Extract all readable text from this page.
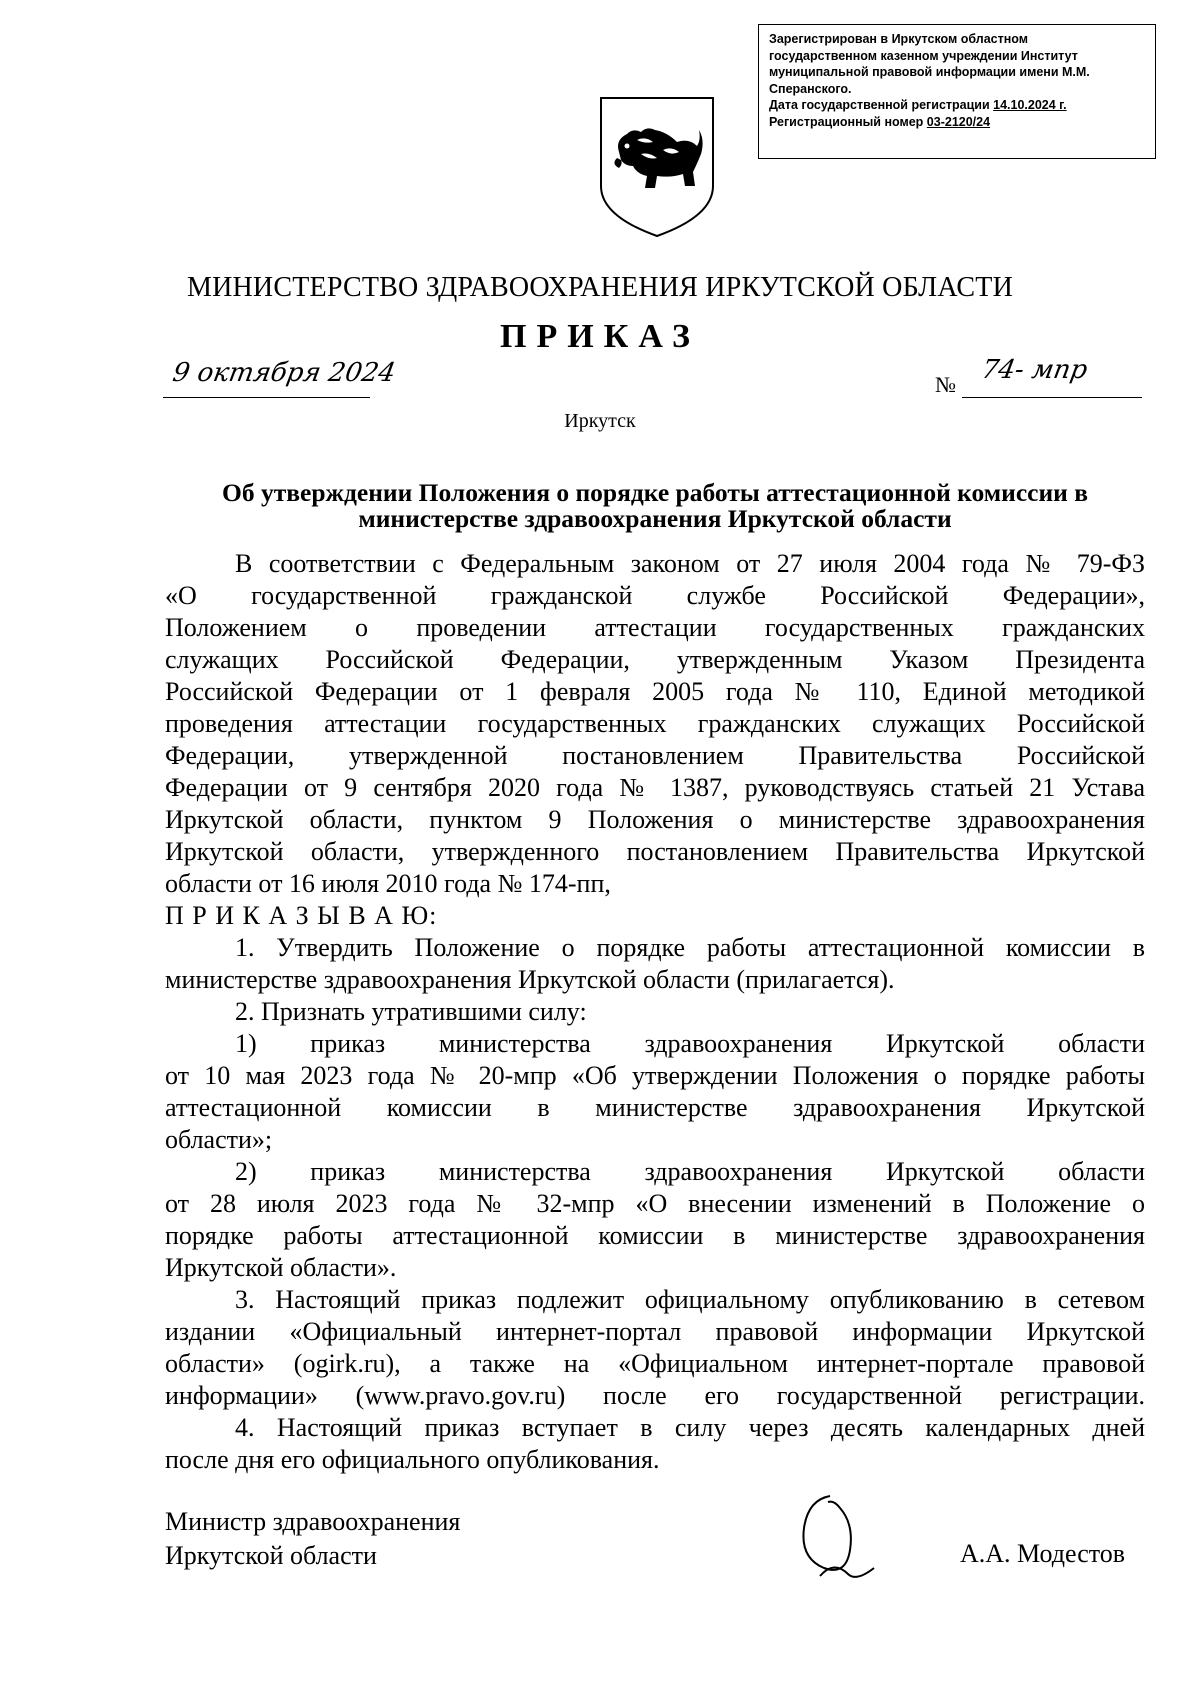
Зарегистрирован в Иркутском областном
государственном казенном учреждении Институт
муниципальной правовой информации имени М.М.
Сперанского.
Дата государственной регистрации 14.10.2024 г.
Регистрационный номер 03-2120/24
МИНИСТЕРСТВО ЗДРАВООХРАНЕНИЯ ИРКУТСКОЙ ОБЛАСТИ
ПРИКАЗ
9 октября 2024	№ 74- мпр
Иркутск
Об утверждении Положения о порядке работы аттестационной комиссии в
министерстве здравоохранения Иркутской области
В соответствии с Федеральным законом от 27 июля 2004 года № 79-ФЗ
«О государственной гражданской службе Российской Федерации»,
Положением о проведении аттестации государственных гражданских
служащих Российской Федерации, утвержденным Указом Президента
Российской Федерации от 1 февраля 2005 года № 110, Единой методикой
проведения аттестации государственных гражданских служащих Российской
Федерации, утвержденной постановлением Правительства Российской
Федерации от 9 сентября 2020 года № 1387, руководствуясь статьей 21 Устава
Иркутской области, пунктом 9 Положения о министерстве здравоохранения
Иркутской области, утвержденного постановлением Правительства Иркутской
области от 16 июля 2010 года № 174-пп,
П Р И К А З Ы В А Ю:
1. Утвердить Положение о порядке работы аттестационной комиссии в
министерстве здравоохранения Иркутской области (прилагается).
2. Признать утратившими силу:
1) приказ министерства здравоохранения Иркутской области
от 10 мая 2023 года № 20-мпр «Об утверждении Положения о порядке работы
аттестационной комиссии в министерстве здравоохранения Иркутской
области»;
2) приказ министерства здравоохранения Иркутской области
от 28 июля 2023 года № 32-мпр «О внесении изменений в Положение о
порядке работы аттестационной комиссии в министерстве здравоохранения
Иркутской области».
3. Настоящий приказ подлежит официальному опубликованию в сетевом
издании «Официальный интернет-портал правовой информации Иркутской
области» (ogirk.ru), а также на «Официальном интернет-портале правовой
информации» (www.pravo.gov.ru) после его государственной регистрации.
4. Настоящий приказ вступает в силу через десять календарных дней
после дня его официального опубликования.
Министр здравоохранения
Иркутской области	А.А. Модестов
